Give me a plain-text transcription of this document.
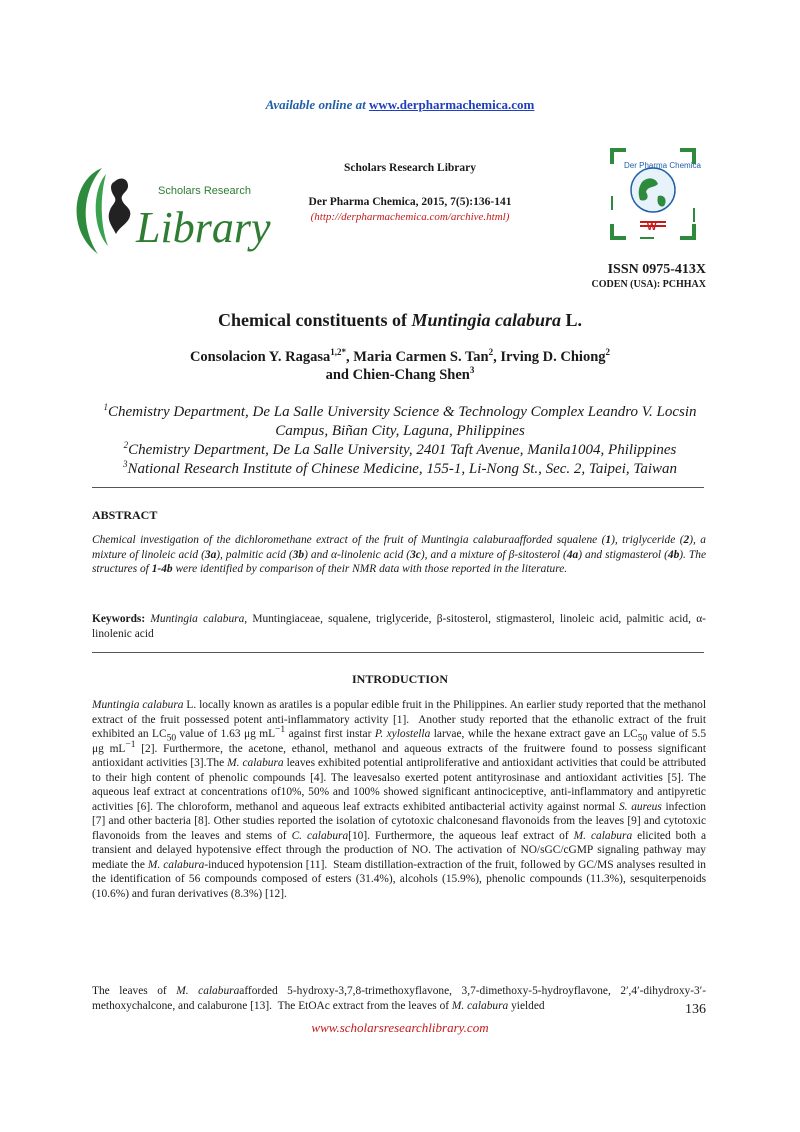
Available online at www.derpharmachemica.com
Scholars Research
Library
Scholars Research Library
Der Pharma Chemica, 2015, 7(5):136-141
(http://derpharmachemica.com/archive.html)
Der Pharma Chemica
W
ISSN 0975-413X
CODEN (USA): PCHHAX
Chemical constituents of Muntingia calabura L.
Consolacion Y. Ragasa$^{1,2*}$, Maria Carmen S. Tan$^2$, Irving D. Chiong$^2$
and Chien-Chang Shen$^3$
$^1$Chemistry Department, De La Salle University Science & Technology Complex Leandro V. Locsin Campus, Biñan City, Laguna, Philippines
$^2$Chemistry Department, De La Salle University, 2401 Taft Avenue, Manila1004, Philippines
$^3$National Research Institute of Chinese Medicine, 155-1, Li-Nong St., Sec. 2, Taipei, Taiwan
ABSTRACT
Chemical investigation of the dichloromethane extract of the fruit of Muntingia calaburaafforded squalene (1), triglyceride (2), a mixture of linoleic acid (3a), palmitic acid (3b) and α-linolenic acid (3c), and a mixture of β-sitosterol (4a) and stigmasterol (4b). The structures of 1-4b were identified by comparison of their NMR data with those reported in the literature.
Keywords: Muntingia calabura, Muntingiaceae, squalene, triglyceride, β-sitosterol, stigmasterol, linoleic acid, palmitic acid, α-linolenic acid
INTRODUCTION
Muntingia calabura L. locally known as aratiles is a popular edible fruit in the Philippines. An earlier study reported that the methanol extract of the fruit possessed potent anti-inflammatory activity [1].  Another study reported that the ethanolic extract of the fruit exhibited an $LC_{50}$ value of 1.63 μg $mL^{-1}$ against first instar P. xylostella larvae, while the hexane extract gave an $LC_{50}$ value of 5.5 μg $mL^{-1}$ [2]. Furthermore, the acetone, ethanol, methanol and aqueous extracts of the fruitwere found to possess significant antioxidant activities [3].The M. calabura leaves exhibited potential antiproliferative and antioxidant activities that could be attributed to their high content of phenolic compounds [4]. The leavesalso exerted potent antityrosinase and antioxidant activities [5]. The aqueous leaf extract at concentrations of10%, 50% and 100% showed significant antinociceptive, anti-inflammatory and antipyretic activities [6]. The chloroform, methanol and aqueous leaf extracts exhibited antibacterial activity against normal S. aureus infection [7] and other bacteria [8]. Other studies reported the isolation of cytotoxic chalconesand flavonoids from the leaves [9] and cytotoxic flavonoids from the leaves and stems of C. calabura[10]. Furthermore, the aqueous leaf extract of M. calabura elicited both a transient and delayed hypotensive effect through the production of NO. The activation of NO/sGC/cGMP signaling pathway may mediate the M. calabura-induced hypotension [11].  Steam distillation-extraction of the fruit, followed by GC/MS analyses resulted in the identification of 56 compounds composed of esters (31.4%), alcohols (15.9%), phenolic compounds (11.3%), sesquiterpenoids (10.6%) and furan derivatives (8.3%) [12].
The leaves of M. calaburaafforded 5-hydroxy-3,7,8-trimethoxyflavone, 3,7-dimethoxy-5-hydroyflavone, 2′,4′-dihydroxy-3′-methoxychalcone, and calaburone [13].  The EtOAc extract from the leaves of M. calabura yielded	136
www.scholarsresearchlibrary.com
